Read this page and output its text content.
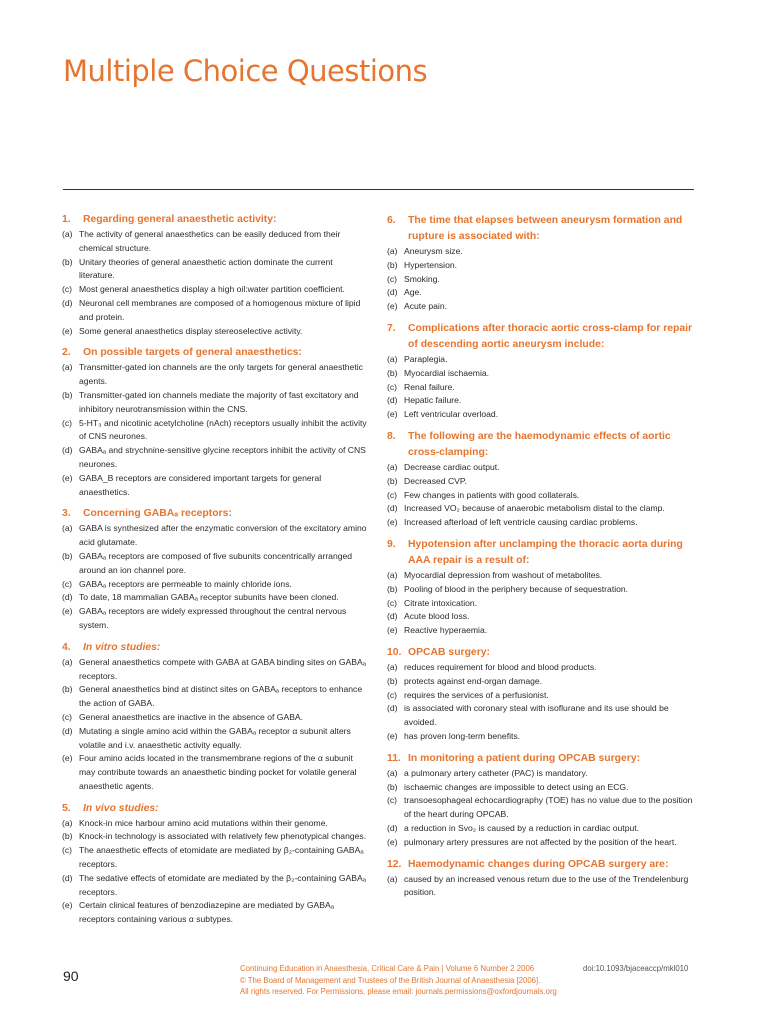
Multiple Choice Questions
1.	Regarding general anaesthetic activity:
(a) The activity of general anaesthetics can be easily deduced from their chemical structure.
(b) Unitary theories of general anaesthetic action dominate the current literature.
(c) Most general anaesthetics display a high oil:water partition coefficient.
(d) Neuronal cell membranes are composed of a homogenous mixture of lipid and protein.
(e) Some general anaesthetics display stereoselective activity.
2.	On possible targets of general anaesthetics:
(a) Transmitter-gated ion channels are the only targets for general anaesthetic agents.
(b) Transmitter-gated ion channels mediate the majority of fast excitatory and inhibitory neurotransmission within the CNS.
(c) 5-HT₃ and nicotinic acetylcholine (nAch) receptors usually inhibit the activity of CNS neurones.
(d) GABAₐ and strychnine-sensitive glycine receptors inhibit the activity of CNS neurones.
(e) GABA_B receptors are considered important targets for general anaesthetics.
3.	Concerning GABAₐ receptors:
(a) GABA is synthesized after the enzymatic conversion of the excitatory amino acid glutamate.
(b) GABAₐ receptors are composed of five subunits concentrically arranged around an ion channel pore.
(c) GABAₐ receptors are permeable to mainly chloride ions.
(d) To date, 18 mammalian GABAₐ receptor subunits have been cloned.
(e) GABAₐ receptors are widely expressed throughout the central nervous system.
4.	In vitro studies:
(a) General anaesthetics compete with GABA at GABA binding sites on GABAₐ receptors.
(b) General anaesthetics bind at distinct sites on GABAₐ receptors to enhance the action of GABA.
(c) General anaesthetics are inactive in the absence of GABA.
(d) Mutating a single amino acid within the GABAₐ receptor α subunit alters volatile and i.v. anaesthetic activity equally.
(e) Four amino acids located in the transmembrane regions of the α subunit may contribute towards an anaesthetic binding pocket for volatile general anaesthetic agents.
5.	In vivo studies:
(a) Knock-in mice harbour amino acid mutations within their genome.
(b) Knock-in technology is associated with relatively few phenotypical changes.
(c) The anaesthetic effects of etomidate are mediated by β₂-containing GABAₐ receptors.
(d) The sedative effects of etomidate are mediated by the β₂-containing GABAₐ receptors.
(e) Certain clinical features of benzodiazepine are mediated by GABAₐ receptors containing various α subtypes.
6.	The time that elapses between aneurysm formation and rupture is associated with:
(a) Aneurysm size.
(b) Hypertension.
(c) Smoking.
(d) Age.
(e) Acute pain.
7.	Complications after thoracic aortic cross-clamp for repair of descending aortic aneurysm include:
(a) Paraplegia.
(b) Myocardial ischaemia.
(c) Renal failure.
(d) Hepatic failure.
(e) Left ventricular overload.
8.	The following are the haemodynamic effects of aortic cross-clamping:
(a) Decrease cardiac output.
(b) Decreased CVP.
(c) Few changes in patients with good collaterals.
(d) Increased VO₂ because of anaerobic metabolism distal to the clamp.
(e) Increased afterload of left ventricle causing cardiac problems.
9.	Hypotension after unclamping the thoracic aorta during AAA repair is a result of:
(a) Myocardial depression from washout of metabolites.
(b) Pooling of blood in the periphery because of sequestration.
(c) Citrate intoxication.
(d) Acute blood loss.
(e) Reactive hyperaemia.
10. OPCAB surgery:
(a) reduces requirement for blood and blood products.
(b) protects against end-organ damage.
(c) requires the services of a perfusionist.
(d) is associated with coronary steal with isoflurane and its use should be avoided.
(e) has proven long-term benefits.
11. In monitoring a patient during OPCAB surgery:
(a) a pulmonary artery catheter (PAC) is mandatory.
(b) ischaemic changes are impossible to detect using an ECG.
(c) transoesophageal echocardiography (TOE) has no value due to the position of the heart during OPCAB.
(d) a reduction in Svo₂ is caused by a reduction in cardiac output.
(e) pulmonary artery pressures are not affected by the position of the heart.
12. Haemodynamic changes during OPCAB surgery are:
(a) caused by an increased venous return due to the use of the Trendelenburg position.
90	Continuing Education in Anaesthesia, Critical Care & Pain | Volume 6 Number 2 2006
© The Board of Management and Trustees of the British Journal of Anaesthesia [2006].
All rights reserved. For Permissions, please email: journals.permissions@oxfordjournals.org
doi:10.1093/bjaceaccp/mkl010
